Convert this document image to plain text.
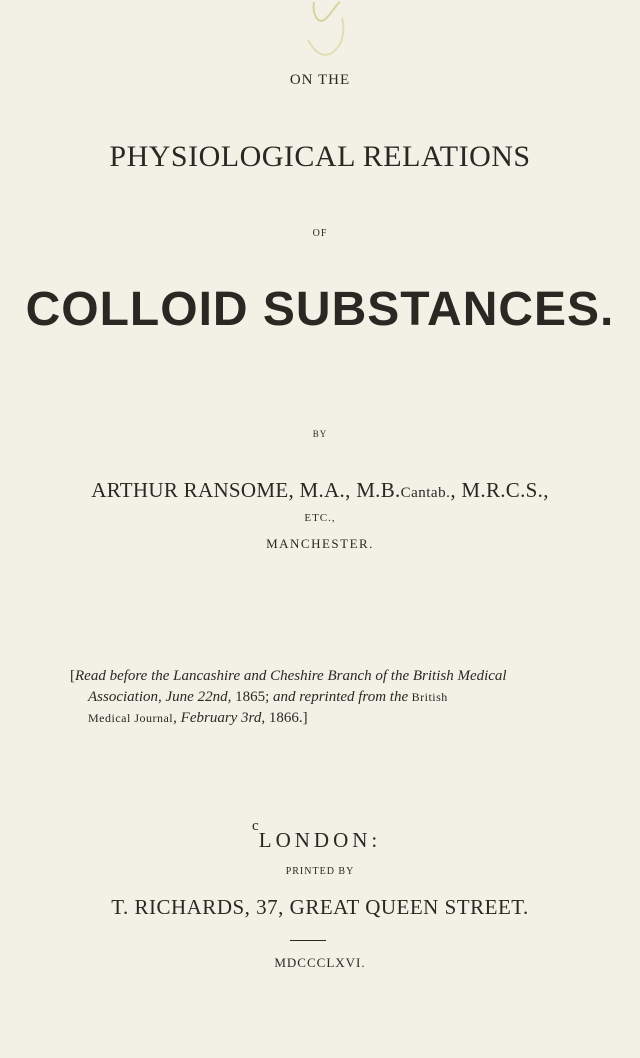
ON THE
PHYSIOLOGICAL RELATIONS
OF
COLLOID SUBSTANCES.
BY
ARTHUR RANSOME, M.A., M.B.Cantab., M.R.C.S.,
ETC.,
MANCHESTER.
[Read before the Lancashire and Cheshire Branch of the British Medical
Association, June 22nd, 1865; and reprinted from the British
Medical Journal, February 3rd, 1866.]
c
LONDON:
PRINTED BY
T. RICHARDS, 37, GREAT QUEEN STREET.
MDCCCLXVI.
